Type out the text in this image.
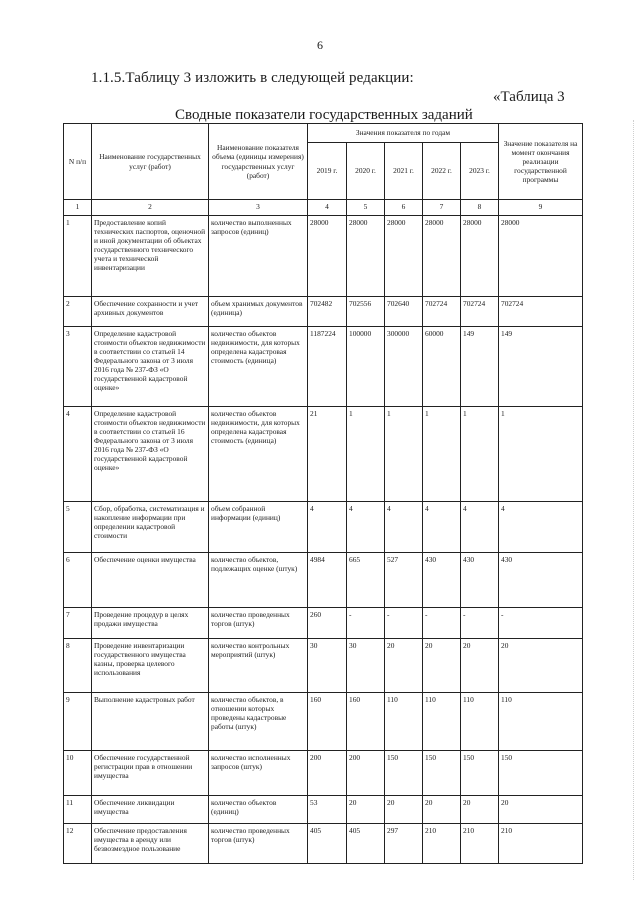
6
1.1.5.Таблицу 3 изложить в следующей редакции:
«Таблица 3
Сводные показатели государственных заданий
N п/п	Наименование государственных услуг (работ)	Наименование показателя объема (единицы измерения) государственных услуг (работ)	Значения показателя по годам					Значение показателя на момент окончания реализации государственной программы
			2019 г.	2020 г.	2021 г.	2022 г.	2023 г.	
1	2	3	4	5	6	7	8	9
1	Предоставление копий технических паспортов, оценочной и иной документации об объектах государственного технического учета и технической инвентаризации	количество выполненных запросов (единиц)	28000	28000	28000	28000	28000	28000
2	Обеспечение сохранности и учет архивных документов	объем хранимых документов (единица)	702482	702556	702640	702724	702724	702724
3	Определение кадастровой стоимости объектов недвижимости в соответствии со статьей 14 Федерального закона от 3 июля 2016 года № 237-ФЗ «О государственной кадастровой оценке»	количество объектов недвижимости, для которых определена кадастровая стоимость (единица)	1187224	100000	300000	60000	149	149
4	Определение кадастровой стоимости объектов недвижимости в соответствии со статьей 16 Федерального закона от 3 июля 2016 года № 237-ФЗ «О государственной кадастровой оценке»	количество объектов недвижимости, для которых определена кадастровая стоимость (единица)	21	1	1	1	1	1
5	Сбор, обработка, систематизация и накопление информации при определении кадастровой стоимости	объем собранной информации (единиц)	4	4	4	4	4	4
6	Обеспечение оценки имущества	количество объектов, подлежащих оценке (штук)	4984	665	527	430	430	430
7	Проведение процедур в целях продажи имущества	количество проведенных торгов (штук)	260	-	-	-	-	-
8	Проведение инвентаризации государственного имущества казны, проверка целевого использования	количество контрольных мероприятий (штук)	30	30	20	20	20	20
9	Выполнение кадастровых работ	количество объектов, в отношении которых проведены кадастровые работы (штук)	160	160	110	110	110	110
10	Обеспечение государственной регистрации прав в отношении имущества	количество исполненных запросов (штук)	200	200	150	150	150	150
11	Обеспечение ликвидации имущества	количество объектов (единиц)	53	20	20	20	20	20
12	Обеспечение предоставления имущества в аренду или безвозмездное пользование	количество проведенных торгов (штук)	405	405	297	210	210	210
